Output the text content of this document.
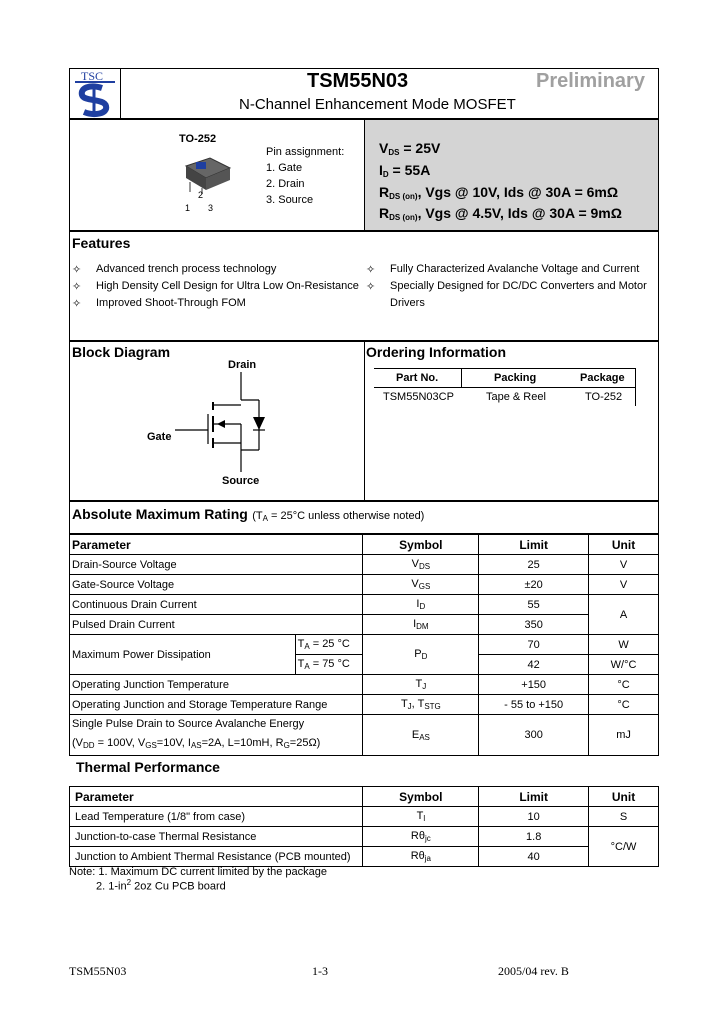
TSC	TSM55N03	Preliminary
N-Channel Enhancement Mode MOSFET
TO-252
1
2
3
Pin assignment:
1. Gate
2. Drain
3. Source
$V_{DS} = 25V$
$I_D = 55A$
$R_{DS (on)}$, Vgs @ 10V, Ids @ 30A = 6mΩ
$R_{DS (on)}$, Vgs @ 4.5V, Ids @ 30A = 9mΩ
Features
✧ Advanced trench process technology
✧ High Density Cell Design for Ultra Low On-Resistance
✧ Improved Shoot-Through FOM
✧ Fully Characterized Avalanche Voltage and Current
✧ Specially Designed for DC/DC Converters and Motor
Drivers
Block Diagram
Drain
Gate
Source
Ordering Information
Part No.	Packing	Package
TSM55N03CP	Tape & Reel	TO-252
Absolute Maximum Rating ($T_A = 25^\circ C$ unless otherwise noted)
Parameter		Symbol	Limit	Unit
Drain-Source Voltage		$V_{DS}$	25	V
Gate-Source Voltage		$V_{GS}$	±20	V
Continuous Drain Current		$I_D$	55	A
Pulsed Drain Current		$I_{DM}$	350	
Maximum Power Dissipation	$T_A = 25$ °C	$P_D$	70	W
	$T_A = 75$ °C		42	W/°C
Operating Junction Temperature		$T_J$	+150	°C
Operating Junction and Storage Temperature Range		$T_J$, $T_{STG}$	- 55 to +150	°C
Single Pulse Drain to Source Avalanche Energy
($V_{DD} = 100V$, $V_{GS}=10V$, $I_{AS}=2A$, L=10mH, $R_G=25\Omega$)		$E_{AS}$	300	mJ
Thermal Performance
Parameter	Symbol	Limit	Unit
Lead Temperature (1/8" from case)	$T_l$	10	S
Junction-to-case Thermal Resistance	$R\theta_{jc}$	1.8	°C/W
Junction to Ambient Thermal Resistance (PCB mounted)	$R\theta_{ja}$	40	
Note: 1. Maximum DC current limited by the package
2. $1-in^2$ 2oz Cu PCB board
TSM55N03	1-3	2005/04 rev. B
